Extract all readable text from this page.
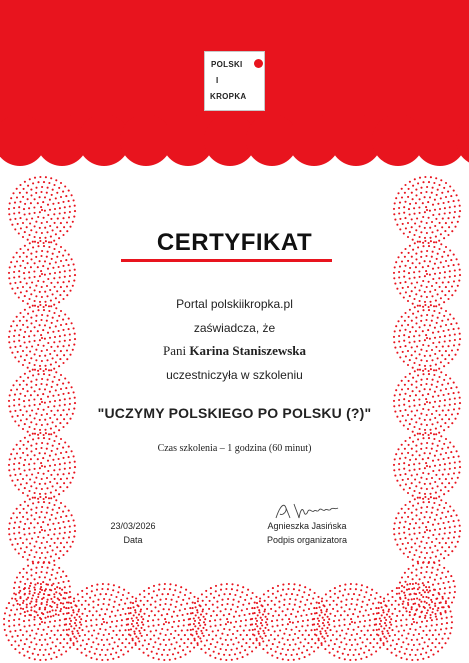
POLSKI
I
KROPKA
CERTYFIKAT
Portal polskiikropka.pl
zaświadcza, że
Pani Karina Staniszewska
uczestniczyła w szkoleniu
"UCZYMY POLSKIEGO PO POLSKU (?)"
Czas szkolenia – 1 godzina (60 minut)
23/03/2026
Data
Agnieszka Jasińska
Podpis organizatora
